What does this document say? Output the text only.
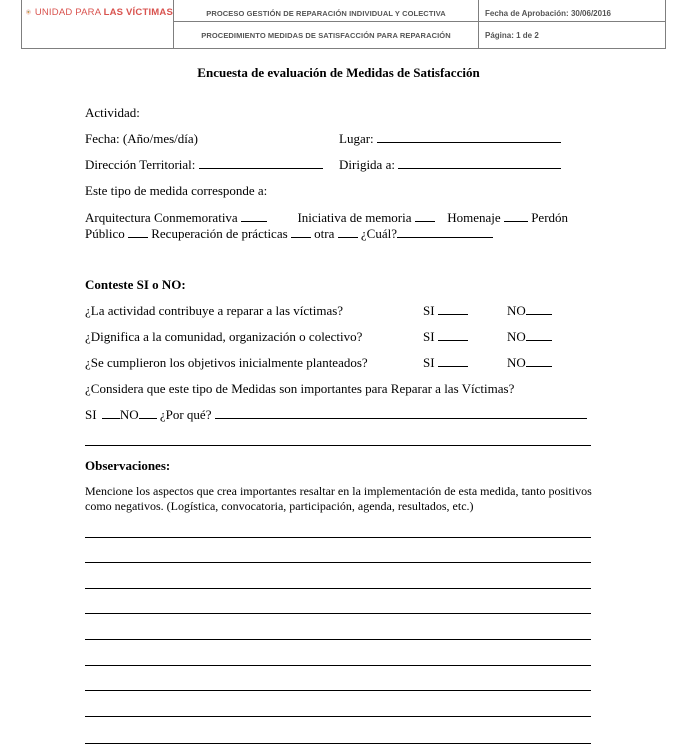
UNIDAD PARA LAS VÍCTIMAS	PROCESO GESTIÓN DE REPARACIÓN INDIVIDUAL Y COLECTIVA	Fecha de Aprobación: 30/06/2016
	PROCEDIMIENTO MEDIDAS DE SATISFACCIÓN PARA REPARACIÓN	Página: 1 de 2
Encuesta de evaluación de Medidas de Satisfacción
Actividad:
Fecha: (Año/mes/día)	Lugar:
Dirección Territorial:	Dirigida a:
Este tipo de medida corresponde a:
Arquitectura Conmemorativa	Iniciativa de memoria	Homenaje Perdón
Público Recuperación de prácticas otra ¿Cuál?
Conteste SI o NO:
¿La actividad contribuye a reparar a las víctimas?	SI	NO
¿Dignifica a la comunidad, organización o colectivo?	SI	NO
¿Se cumplieron los objetivos inicialmente planteados?	SI	NO
¿Considera que este tipo de Medidas son importantes para Reparar a las Víctimas?
SI NO ¿Por qué?
Observaciones:
Mencione los aspectos que crea importantes resaltar en la implementación de esta medida, tanto positivos como negativos. (Logística, convocatoria, participación, agenda, resultados, etc.)
